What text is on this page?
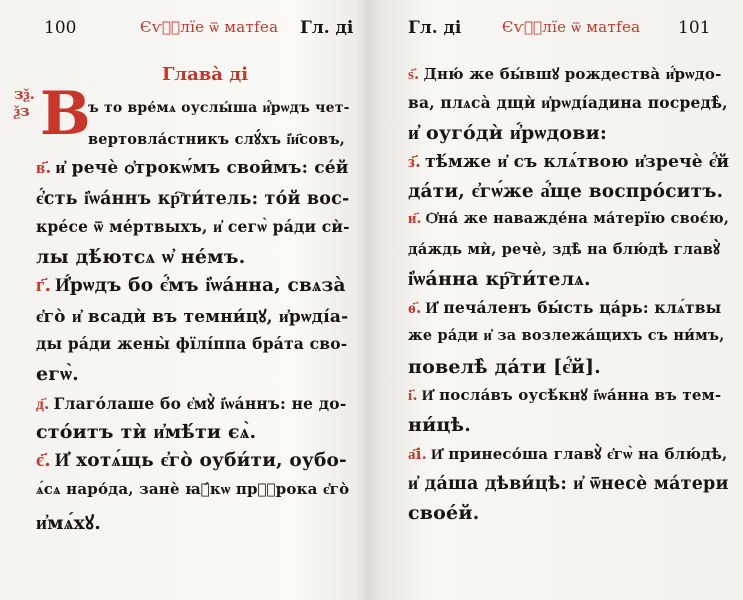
100	Єѵⷢ҇лїе ѿ матfеа Гл. ді
Глава̀ ді
зѯ.
ѯз В
ъ то вре́мѧ оуслы́ша и҆́рѡдъ чет-
вертовла́стникъ слꙋ́хъ і҆и҃совъ,
в҃. и҆ речѐ ѻ҆трокѡ́мъ свои̑мъ: се́й
є҆́сть і҆ѡа́ннъ кр҇ти́тель: то́й вос-
кре́се ѿ ме́ртвыхъ, и҆ сегѡ̀ ра́ди сѝ-
лы дѣ́ютсѧ ѡ҆ не́мъ.
г҃. И҆́рѡдъ бо є҆́мъ і҆ѡа́нна, свѧза̀
є҆го̀ и҆ всадѝ въ темни́цꙋ, и҆рѡді́а-
ды ра́ди жены̀ фїлі́ппа бра́та сво-
егѡ̀.
д҃. Глаго́лаше бо є҆мꙋ̀ і҆ѡа́ннъ: не до-
сто́итъ тѝ и҆мѣ́ти єѧ̀.
є҃. И҆ хотѧ́щь є҆го̀ оуби́ти, оубо-
ѧ́сѧ наро́да, занѐ ꙗ҆́кѡ прⷪ҇рока є҆го̀
и҆мѧ́хꙋ.
Гл. ді	Єѵⷢ҇лїе ѿ матfеа 101
ѕ҃. Дню́ же бы́вшꙋ рождества̀ и҆́рѡдо-
ва, плѧса̀ дщѝ и҆рѡді́адина посредѣ̀,
и҆ оуго́дѝ и҆́рѡдови:
з҃. тѣ́мже и҆ съ клѧ́твою и҆зречѐ є҆́й
да́ти, є҆гѡ́же а҆́ще воспро́ситъ.
и҃. Ѻ҆на́ же наважде́на ма́терїю своє́ю,
да́ждь мѝ, речѐ, здѣ̀ на блю́дѣ главꙋ̀
і҆ѡа́нна кр҇ти́телѧ.
ѳ҃. И҆ печа́ленъ бы́сть ца́рь: клѧ́твы
же ра́ди и҆ за возлежа́щихъ съ ни́мъ,
повелѣ̀ да́ти [є҆́й].
і҃. И҆ посла́въ оусѣ́кнꙋ і҆ѡа́нна въ тем-
ни́цѣ.
а҃і. И҆ принесо́ша главꙋ̀ є҆гѡ̀ на блю́дѣ,
и҆ да́ша дѣви́цѣ: и҆ ѿнесѐ ма́тери
свое́й.
